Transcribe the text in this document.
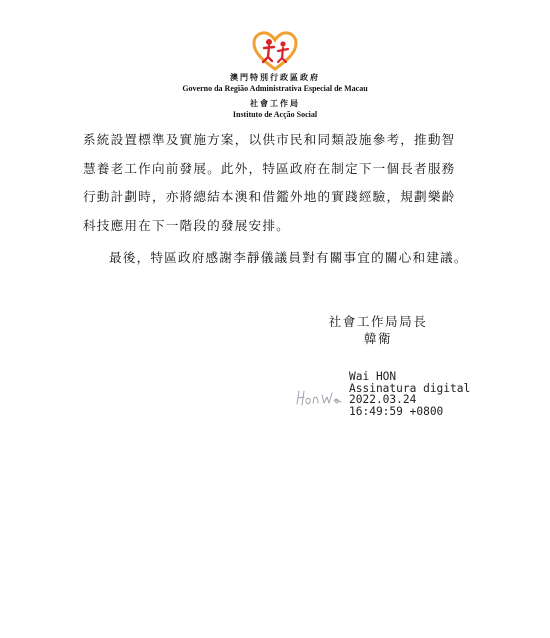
澳門特別行政區政府
Governo da Região Administrativa Especial de Macau
社會工作局
Instituto de Acção Social

系統設置標準及實施方案，以供市民和同類設施參考，推動智慧養老工作向前發展。此外，特區政府在制定下一個長者服務行動計劃時，亦將總結本澳和借鑑外地的實踐經驗，規劃樂齡科技應用在下一階段的發展安排。

最後，特區政府感謝李靜儀議員對有關事宜的關心和建議。

社會工作局局長
韓衛
Wai HON
Assinatura digital
2022.03.24
16:49:59 +0800
